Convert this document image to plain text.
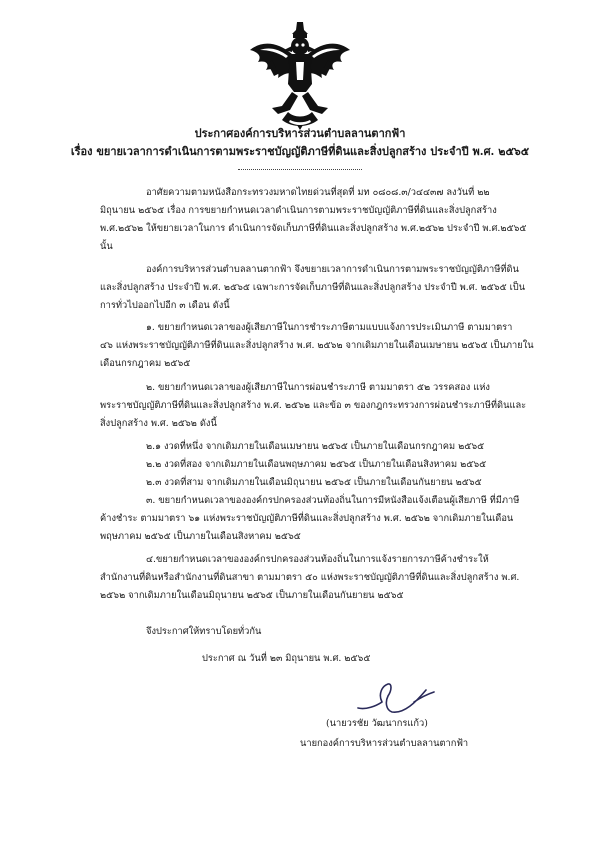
ประกาศองค์การบริหารส่วนตำบลลานตากฟ้า
เรื่อง ขยายเวลาการดำเนินการตามพระราชบัญญัติภาษีที่ดินและสิ่งปลูกสร้าง ประจำปี พ.ศ. ๒๕๖๕
อาศัยความตามหนังสือกระทรวงมหาดไทยด่วนที่สุดที่ มท ๐๘๐๘.๓/ว๔๔๓๗ ลงวันที่ ๒๒
มิถุนายน ๒๕๖๕ เรื่อง การขยายกำหนดเวลาดำเนินการตามพระราชบัญญัติภาษีที่ดินและสิ่งปลูกสร้าง
พ.ศ.๒๕๖๒ ให้ขยายเวลาในการ ดำเนินการจัดเก็บภาษีที่ดินและสิ่งปลูกสร้าง พ.ศ.๒๕๖๒ ประจำปี พ.ศ.๒๕๖๕
นั้น
องค์การบริหารส่วนตำบลลานตากฟ้า จึงขยายเวลาการดำเนินการตามพระราชบัญญัติภาษีที่ดิน
และสิ่งปลูกสร้าง ประจำปี พ.ศ. ๒๕๖๕ เฉพาะการจัดเก็บภาษีที่ดินและสิ่งปลูกสร้าง ประจำปี พ.ศ. ๒๕๖๕ เป็น
การทั่วไปออกไปอีก ๓ เดือน ดังนี้
๑. ขยายกำหนดเวลาของผู้เสียภาษีในการชำระภาษีตามแบบแจ้งการประเมินภาษี ตามมาตรา
๔๖ แห่งพระราชบัญญัติภาษีที่ดินและสิ่งปลูกสร้าง พ.ศ. ๒๕๖๒ จากเดิมภายในเดือนเมษายน ๒๕๖๕ เป็นภายใน
เดือนกรกฎาคม ๒๕๖๕
๒. ขยายกำหนดเวลาของผู้เสียภาษีในการผ่อนชำระภาษี ตามมาตรา ๕๒ วรรคสอง แห่ง
พระราชบัญญัติภาษีที่ดินและสิ่งปลูกสร้าง พ.ศ. ๒๕๖๒ และข้อ ๓ ของกฎกระทรวงการผ่อนชำระภาษีที่ดินและ
สิ่งปลูกสร้าง พ.ศ. ๒๕๖๒ ดังนี้
๒.๑ งวดที่หนึ่ง จากเดิมภายในเดือนเมษายน ๒๕๖๕ เป็นภายในเดือนกรกฎาคม ๒๕๖๕
๒.๒ งวดที่สอง จากเดิมภายในเดือนพฤษภาคม ๒๕๖๕ เป็นภายในเดือนสิงหาคม ๒๕๖๕
๒.๓ งวดที่สาม จากเดิมภายในเดือนมิถุนายน ๒๕๖๕ เป็นภายในเดือนกันยายน ๒๕๖๕
๓. ขยายกำหนดเวลาขององค์กรปกครองส่วนท้องถิ่นในการมีหนังสือแจ้งเตือนผู้เสียภาษี ที่มีภาษี
ค้างชำระ ตามมาตรา ๖๑ แห่งพระราชบัญญัติภาษีที่ดินและสิ่งปลูกสร้าง พ.ศ. ๒๕๖๒ จากเดิมภายในเดือน
พฤษภาคม ๒๕๖๕ เป็นภายในเดือนสิงหาคม ๒๕๖๕
๔.ขยายกำหนดเวลาขององค์กรปกครองส่วนท้องถิ่นในการแจ้งรายการภาษีค้างชำระให้
สำนักงานที่ดินหรือสำนักงานที่ดินสาขา ตามมาตรา ๕๐ แห่งพระราชบัญญัติภาษีที่ดินและสิ่งปลูกสร้าง พ.ศ.
๒๕๖๒ จากเดิมภายในเดือนมิถุนายน ๒๕๖๕ เป็นภายในเดือนกันยายน ๒๕๖๕
จึงประกาศให้ทราบโดยทั่วกัน
ประกาศ ณ วันที่ ๒๓ มิถุนายน พ.ศ. ๒๕๖๕
(นายวรชัย วัฒนากรแก้ว)
นายกองค์การบริหารส่วนตำบลลานตากฟ้า
